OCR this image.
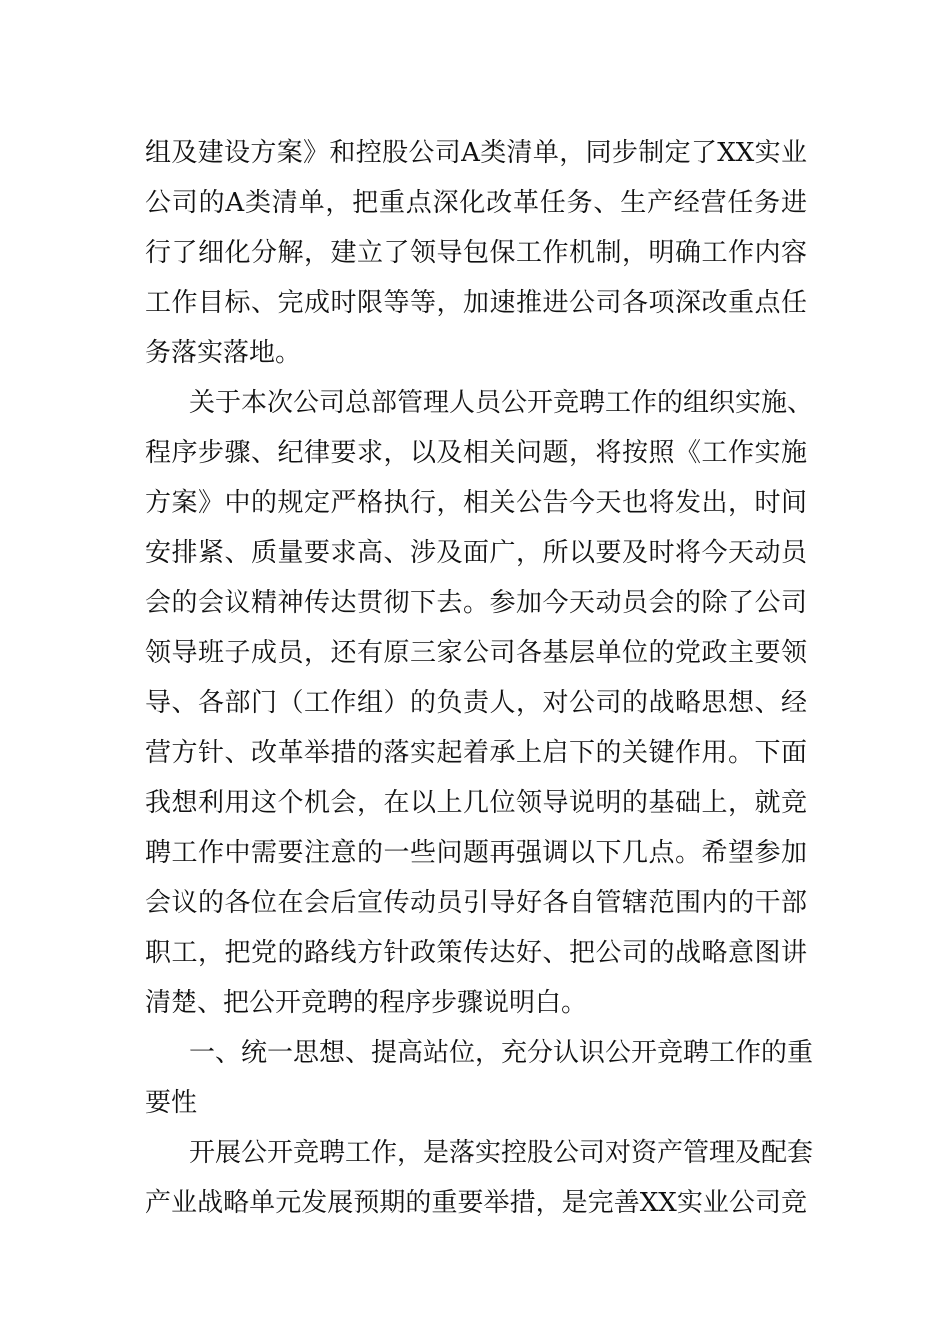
组及建设方案》和控股公司A类清单，同步制定了XX实业
公司的A类清单，把重点深化改革任务、生产经营任务进
行了细化分解，建立了领导包保工作机制，明确工作内容
工作目标、完成时限等等，加速推进公司各项深改重点任
务落实落地。
关于本次公司总部管理人员公开竞聘工作的组织实施、
程序步骤、纪律要求，以及相关问题，将按照《工作实施
方案》中的规定严格执行，相关公告今天也将发出，时间
安排紧、质量要求高、涉及面广，所以要及时将今天动员
会的会议精神传达贯彻下去。参加今天动员会的除了公司
领导班子成员，还有原三家公司各基层单位的党政主要领
导、各部门（工作组）的负责人，对公司的战略思想、经
营方针、改革举措的落实起着承上启下的关键作用。下面
我想利用这个机会，在以上几位领导说明的基础上，就竞
聘工作中需要注意的一些问题再强调以下几点。希望参加
会议的各位在会后宣传动员引导好各自管辖范围内的干部
职工，把党的路线方针政策传达好、把公司的战略意图讲
清楚、把公开竞聘的程序步骤说明白。
一、统一思想、提高站位，充分认识公开竞聘工作的重
要性
开展公开竞聘工作，是落实控股公司对资产管理及配套
产业战略单元发展预期的重要举措，是完善XX实业公司竞
